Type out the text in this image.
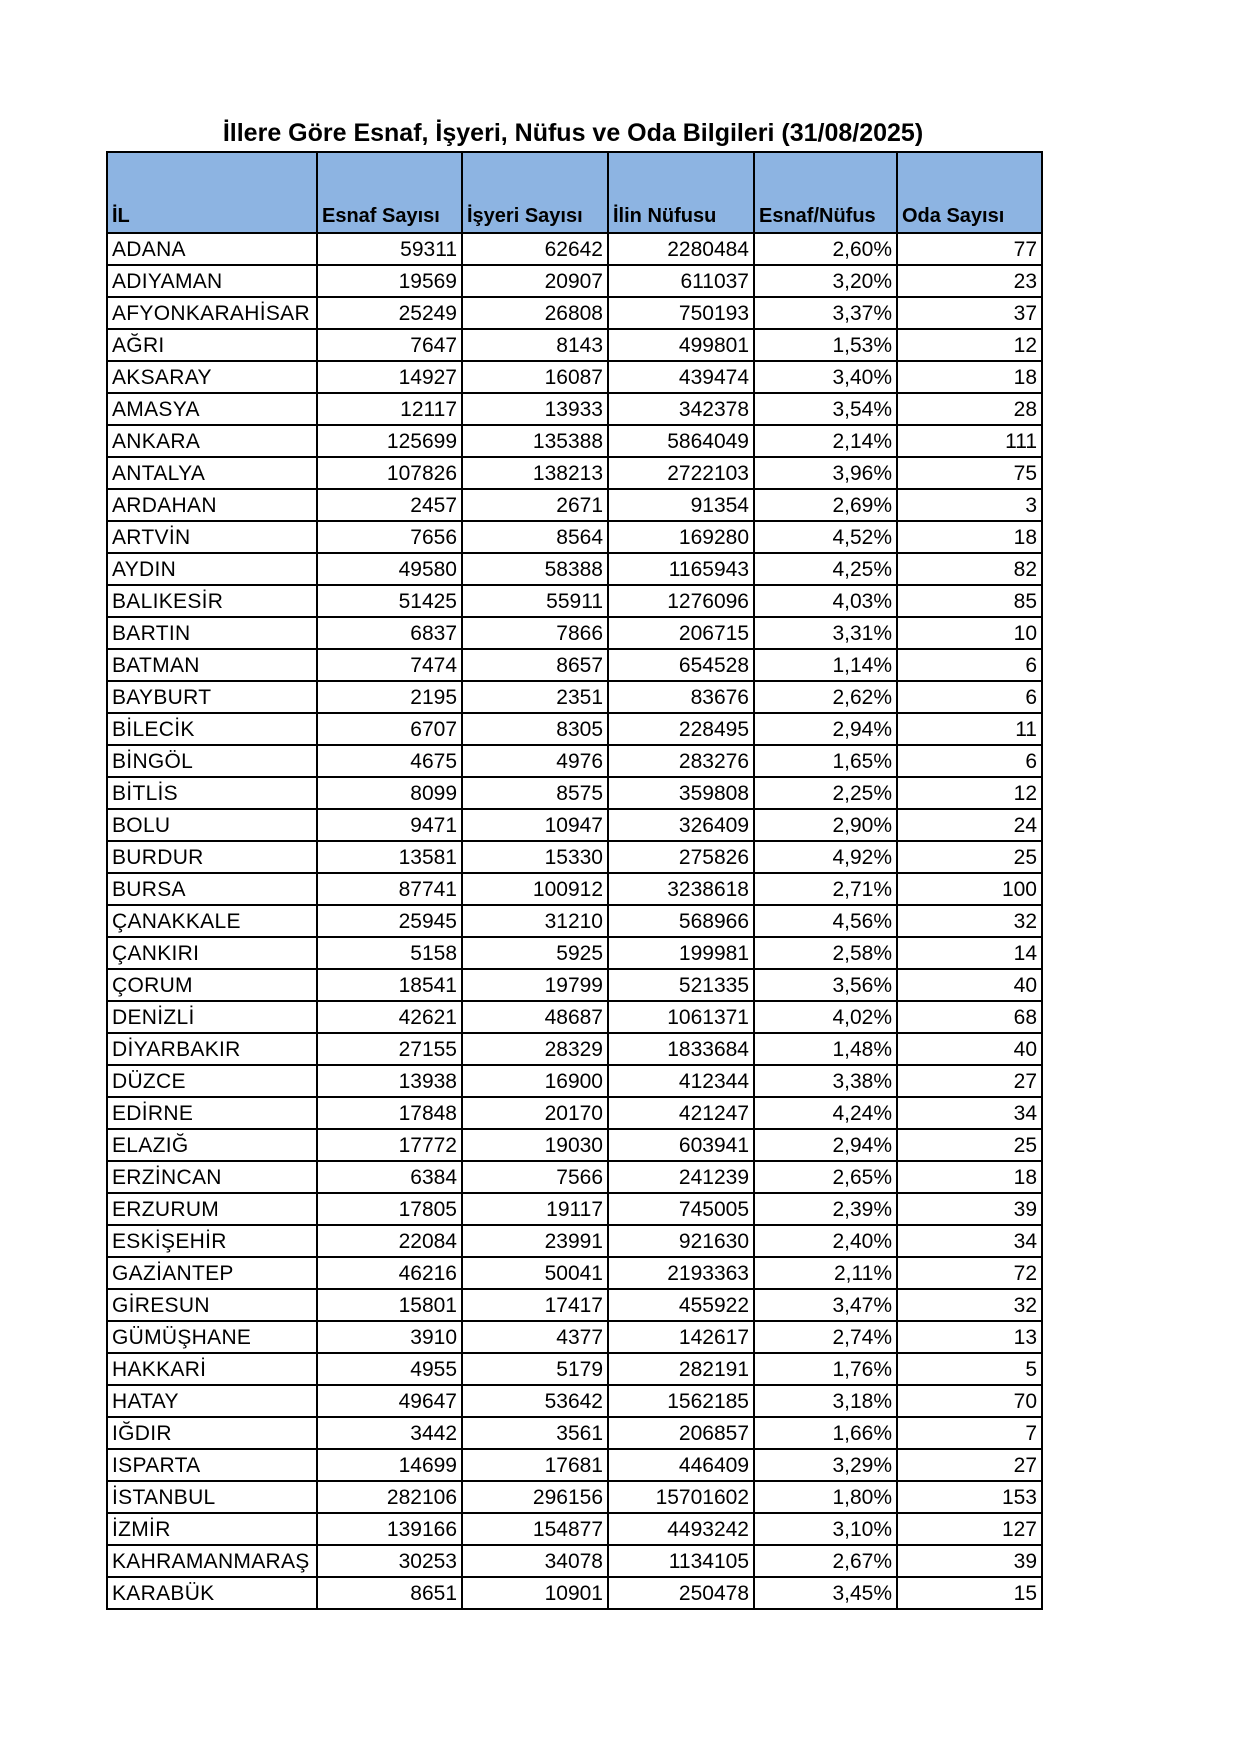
İllere Göre Esnaf, İşyeri, Nüfus ve Oda Bilgileri (31/08/2025)
İL	Esnaf Sayısı	İşyeri Sayısı	İlin Nüfusu	Esnaf/Nüfus	Oda Sayısı
ADANA	59311	62642	2280484	2,60%	77
ADIYAMAN	19569	20907	611037	3,20%	23
AFYONKARAHİSAR	25249	26808	750193	3,37%	37
AĞRI	7647	8143	499801	1,53%	12
AKSARAY	14927	16087	439474	3,40%	18
AMASYA	12117	13933	342378	3,54%	28
ANKARA	125699	135388	5864049	2,14%	111
ANTALYA	107826	138213	2722103	3,96%	75
ARDAHAN	2457	2671	91354	2,69%	3
ARTVİN	7656	8564	169280	4,52%	18
AYDIN	49580	58388	1165943	4,25%	82
BALIKESİR	51425	55911	1276096	4,03%	85
BARTIN	6837	7866	206715	3,31%	10
BATMAN	7474	8657	654528	1,14%	6
BAYBURT	2195	2351	83676	2,62%	6
BİLECİK	6707	8305	228495	2,94%	11
BİNGÖL	4675	4976	283276	1,65%	6
BİTLİS	8099	8575	359808	2,25%	12
BOLU	9471	10947	326409	2,90%	24
BURDUR	13581	15330	275826	4,92%	25
BURSA	87741	100912	3238618	2,71%	100
ÇANAKKALE	25945	31210	568966	4,56%	32
ÇANKIRI	5158	5925	199981	2,58%	14
ÇORUM	18541	19799	521335	3,56%	40
DENİZLİ	42621	48687	1061371	4,02%	68
DİYARBAKIR	27155	28329	1833684	1,48%	40
DÜZCE	13938	16900	412344	3,38%	27
EDİRNE	17848	20170	421247	4,24%	34
ELAZIĞ	17772	19030	603941	2,94%	25
ERZİNCAN	6384	7566	241239	2,65%	18
ERZURUM	17805	19117	745005	2,39%	39
ESKİŞEHİR	22084	23991	921630	2,40%	34
GAZİANTEP	46216	50041	2193363	2,11%	72
GİRESUN	15801	17417	455922	3,47%	32
GÜMÜŞHANE	3910	4377	142617	2,74%	13
HAKKARİ	4955	5179	282191	1,76%	5
HATAY	49647	53642	1562185	3,18%	70
IĞDIR	3442	3561	206857	1,66%	7
ISPARTA	14699	17681	446409	3,29%	27
İSTANBUL	282106	296156	15701602	1,80%	153
İZMİR	139166	154877	4493242	3,10%	127
KAHRAMANMARAŞ	30253	34078	1134105	2,67%	39
KARABÜK	8651	10901	250478	3,45%	15
